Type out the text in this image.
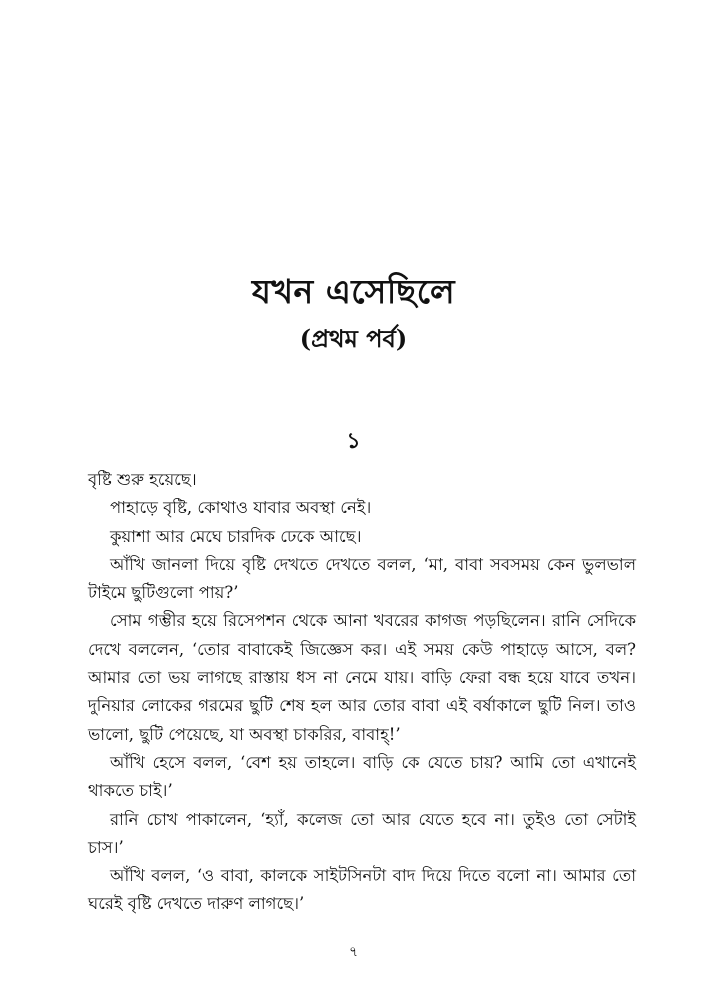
যখন এসেছিলে
(প্রথম পর্ব)
১

বৃষ্টি শুরু হয়েছে।

পাহাড়ে বৃষ্টি, কোথাও যাবার অবস্থা নেই।

কুয়াশা আর মেঘে চারদিক ঢেকে আছে।

আঁখি জানলা দিয়ে বৃষ্টি দেখতে দেখতে বলল, ‘মা, বাবা সবসময় কেন ভুলভাল টাইমে ছুটিগুলো পায়?’

সোম গম্ভীর হয়ে রিসেপশন থেকে আনা খবরের কাগজ পড়ছিলেন। রানি সেদিকে দেখে বললেন, ‘তোর বাবাকেই জিজ্ঞেস কর। এই সময় কেউ পাহাড়ে আসে, বল? আমার তো ভয় লাগছে রাস্তায় ধস না নেমে যায়। বাড়ি ফেরা বন্ধ হয়ে যাবে তখন। দুনিয়ার লোকের গরমের ছুটি শেষ হল আর তোর বাবা এই বর্ষাকালে ছুটি নিল। তাও ভালো, ছুটি পেয়েছে, যা অবস্থা চাকরির, বাবাহ্!’

আঁখি হেসে বলল, ‘বেশ হয় তাহলে। বাড়ি কে যেতে চায়? আমি তো এখানেই থাকতে চাই।’

রানি চোখ পাকালেন, ‘হ্যাঁ, কলেজ তো আর যেতে হবে না। তুইও তো সেটাই চাস।’

আঁখি বলল, ‘ও বাবা, কালকে সাইটসিনটা বাদ দিয়ে দিতে বলো না। আমার তো ঘরেই বৃষ্টি দেখতে দারুণ লাগছে।’

৭
